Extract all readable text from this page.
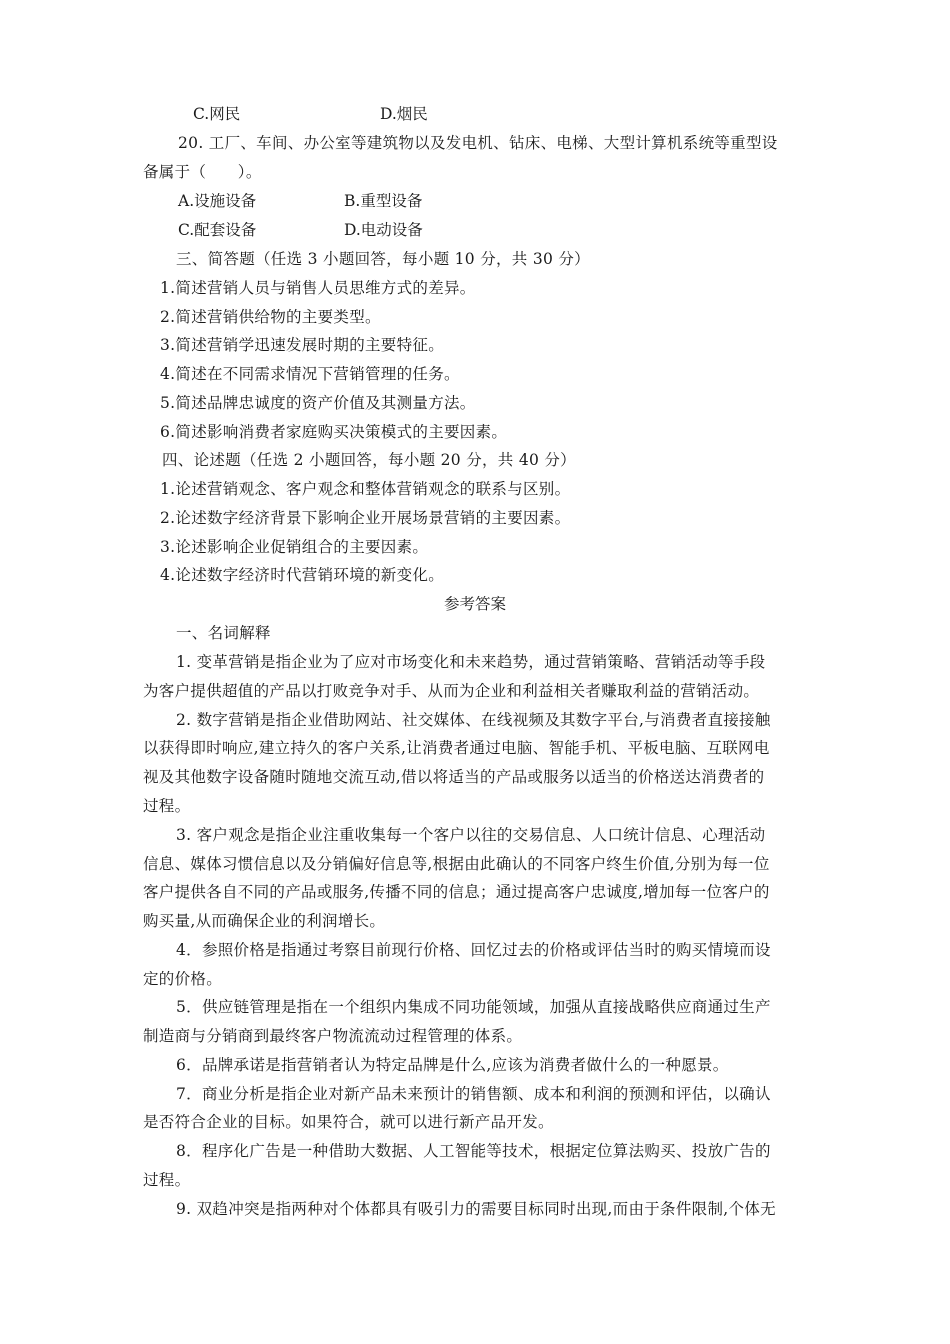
C.网民	D.烟民
20. 工厂、车间、办公室等建筑物以及发电机、钻床、电梯、大型计算机系统等重型设
备属于（　　）。
A.设施设备	B.重型设备
C.配套设备	D.电动设备
三、简答题（任选 3 小题回答，每小题 10 分，共 30 分）
1.简述营销人员与销售人员思维方式的差异。
2.简述营销供给物的主要类型。
3.简述营销学迅速发展时期的主要特征。
4.简述在不同需求情况下营销管理的任务。
5.简述品牌忠诚度的资产价值及其测量方法。
6.简述影响消费者家庭购买决策模式的主要因素。
四、论述题（任选 2 小题回答，每小题 20 分，共 40 分）
1.论述营销观念、客户观念和整体营销观念的联系与区别。
2.论述数字经济背景下影响企业开展场景营销的主要因素。
3.论述影响企业促销组合的主要因素。
4.论述数字经济时代营销环境的新变化。
参考答案
一、名词解释
1. 变革营销是指企业为了应对市场变化和未来趋势，通过营销策略、营销活动等手段
为客户提供超值的产品以打败竞争对手、从而为企业和利益相关者赚取利益的营销活动。
2. 数字营销是指企业借助网站、社交媒体、在线视频及其数字平台,与消费者直接接触
以获得即时响应,建立持久的客户关系,让消费者通过电脑、智能手机、平板电脑、互联网电
视及其他数字设备随时随地交流互动,借以将适当的产品或服务以适当的价格送达消费者的
过程。
3. 客户观念是指企业注重收集每一个客户以往的交易信息、人口统计信息、心理活动
信息、媒体习惯信息以及分销偏好信息等,根据由此确认的不同客户终生价值,分别为每一位
客户提供各自不同的产品或服务,传播不同的信息；通过提高客户忠诚度,增加每一位客户的
购买量,从而确保企业的利润增长。
4．参照价格是指通过考察目前现行价格、回忆过去的价格或评估当时的购买情境而设
定的价格。
5．供应链管理是指在一个组织内集成不同功能领域，加强从直接战略供应商通过生产
制造商与分销商到最终客户物流流动过程管理的体系。
6．品牌承诺是指营销者认为特定品牌是什么,应该为消费者做什么的一种愿景。
7．商业分析是指企业对新产品未来预计的销售额、成本和利润的预测和评估，以确认
是否符合企业的目标。如果符合，就可以进行新产品开发。
8．程序化广告是一种借助大数据、人工智能等技术，根据定位算法购买、投放广告的
过程。
9. 双趋冲突是指两种对个体都具有吸引力的需要目标同时出现,而由于条件限制,个体无
